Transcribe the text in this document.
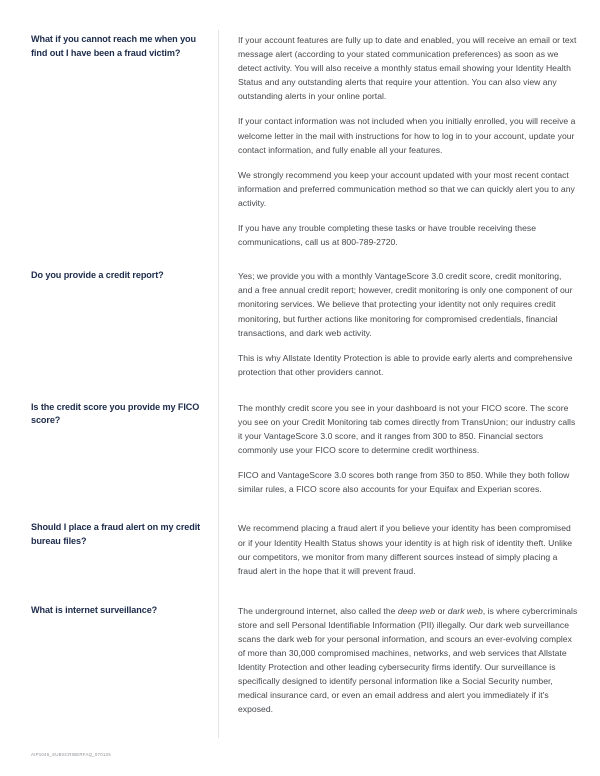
What if you cannot reach me when you find out I have been a fraud victim?

If your account features are fully up to date and enabled, you will receive an email or text message alert (according to your stated communication preferences) as soon as we detect activity. You will also receive a monthly status email showing your Identity Health Status and any outstanding alerts that require your attention. You can also view any outstanding alerts in your online portal.

If your contact information was not included when you initially enrolled, you will receive a welcome letter in the mail with instructions for how to log in to your account, update your contact information, and fully enable all your features.

We strongly recommend you keep your account updated with your most recent contact information and preferred communication method so that we can quickly alert you to any activity.

If you have any trouble completing these tasks or have trouble receiving these communications, call us at 800-789-2720.

Do you provide a credit report?	Yes; we provide you with a monthly VantageScore 3.0 credit score, credit monitoring, and a free annual credit report; however, credit monitoring is only one component of our monitoring services. We believe that protecting your identity not only requires credit monitoring, but further actions like monitoring for compromised credentials, financial transactions, and dark web activity.

This is why Allstate Identity Protection is able to provide early alerts and comprehensive protection that other providers cannot.

Is the credit score you provide my FICO score?

The monthly credit score you see in your dashboard is not your FICO score. The score you see on your Credit Monitoring tab comes directly from TransUnion; our industry calls it your VantageScore 3.0 score, and it ranges from 300 to 850. Financial sectors commonly use your FICO score to determine credit worthiness.

FICO and VantageScore 3.0 scores both range from 350 to 850. While they both follow similar rules, a FICO score also accounts for your Equifax and Experian scores.

Should I place a fraud alert on my credit bureau files?

We recommend placing a fraud alert if you believe your identity has been compromised or if your Identity Health Status shows your identity is at high risk of identity theft. Unlike our competitors, we monitor from many different sources instead of simply placing a fraud alert in the hope that it will prevent fraud.

What is internet surveillance?	The underground internet, also called the deep web or dark web, is where cybercriminals store and sell Personal Identifiable Information (PII) illegally. Our dark web surveillance scans the dark web for your personal information, and scours an ever-evolving complex of more than 30,000 compromised machines, networks, and web services that Allstate Identity Protection and other leading cybersecurity firms identify. Our surveillance is specifically designed to identify personal information like a Social Security number, medical insurance card, or even an email address and alert you immediately if it's exposed.

AIP1046_SUBSCRIBERFAQ_070125
